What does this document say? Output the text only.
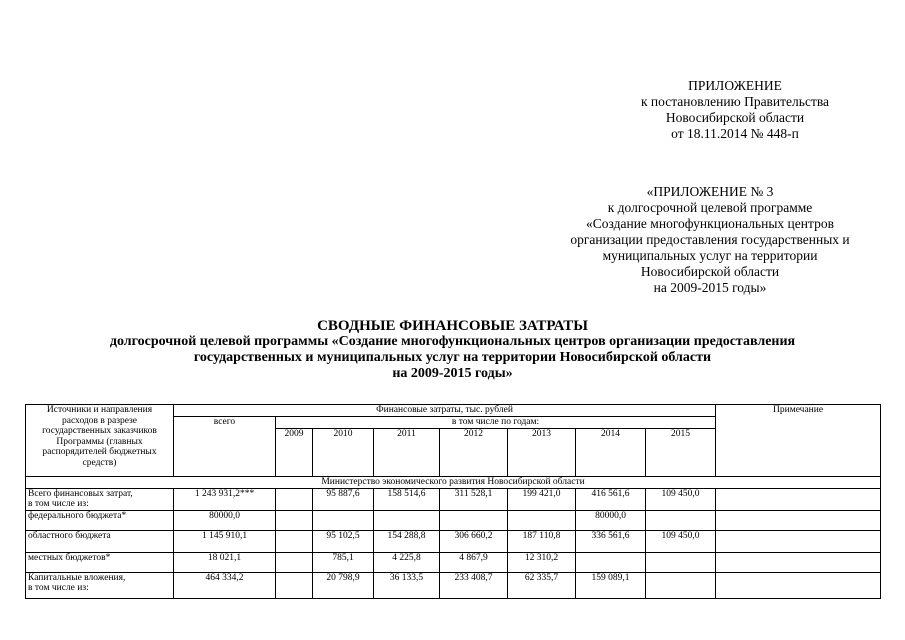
ПРИЛОЖЕНИЕ
к постановлению Правительства
Новосибирской области
от 18.11.2014 № 448-п
«ПРИЛОЖЕНИЕ № 3
к долгосрочной целевой программе
«Создание многофункциональных центров
организации предоставления государственных и
муниципальных услуг на территории
Новосибирской области
на 2009-2015 годы»
СВОДНЫЕ ФИНАНСОВЫЕ ЗАТРАТЫ
долгосрочной целевой программы «Создание многофункциональных центров организации предоставления
государственных и муниципальных услуг на территории Новосибирской области
на 2009-2015 годы»
Источники и направления расходов в разрезе государственных заказчиков Программы (главных распорядителей бюджетных средств)	Финансовые затраты, тыс. рублей								Примечание
	всего	в том числе по годам:							
		2009	2010	2011	2012	2013	2014	2015	
Министерство экономического развития Новосибирской области									
Всего финансовых затрат,
в том числе из:	1 243 931,2***		95 887,6	158 514,6	311 528,1	199 421,0	416 561,6	109 450,0	
федерального бюджета*	80000,0						80000,0		
областного бюджета	1 145 910,1		95 102,5	154 288,8	306 660,2	187 110,8	336 561,6	109 450,0	
местных бюджетов*	18 021,1		785,1	4 225,8	4 867,9	12 310,2			
Капитальные вложения,
в том числе из:	464 334,2		20 798,9	36 133,5	233 408,7	62 335,7	159 089,1		
